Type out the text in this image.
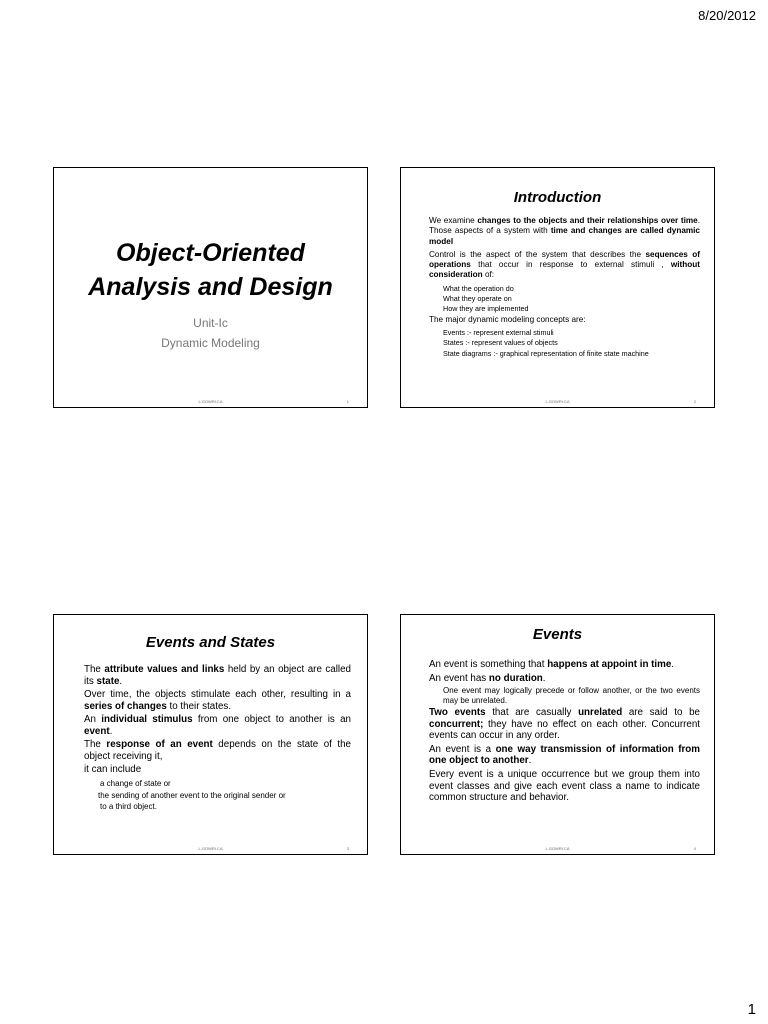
8/20/2012
Object-Oriented
Analysis and Design
Unit-Ic
Dynamic Modeling
L.GOWRI.CA	1
Introduction
We examine changes to the objects and their relationships over time. Those aspects of a system with time and changes are called dynamic model
Control is the aspect of the system that describes the sequences of operations that occur in response to external stimuli , without consideration of:
What the operation do
What they operate on
How they are implemented
The major dynamic modeling concepts are:
Events :- represent external stimuli
States :- represent values of objects
State diagrams :- graphical representation of finite state machine
L.GOWRI.CA	2
Events and States
The attribute values and links held by an object are called its state.
Over time, the objects stimulate each other, resulting in a series of changes to their states.
An individual stimulus from one object to another is an event.
The response of an event depends on the state of the object receiving it,
it can include
a change of state or
the sending of another event to the original sender or
to a third object.
L.GOWRI.CA	3
Events
An event is something that happens at appoint in time.
An event has no duration.
One event may logically precede or follow another, or the two events may be unrelated.
Two events that are casually unrelated are said to be concurrent; they have no effect on each other. Concurrent events can occur in any order.
An event is a one way transmission of information from one object to another.
Every event is a unique occurrence but we group them into event classes and give each event class a name to indicate common structure and behavior.
L.GOWRI.CA	4
1
